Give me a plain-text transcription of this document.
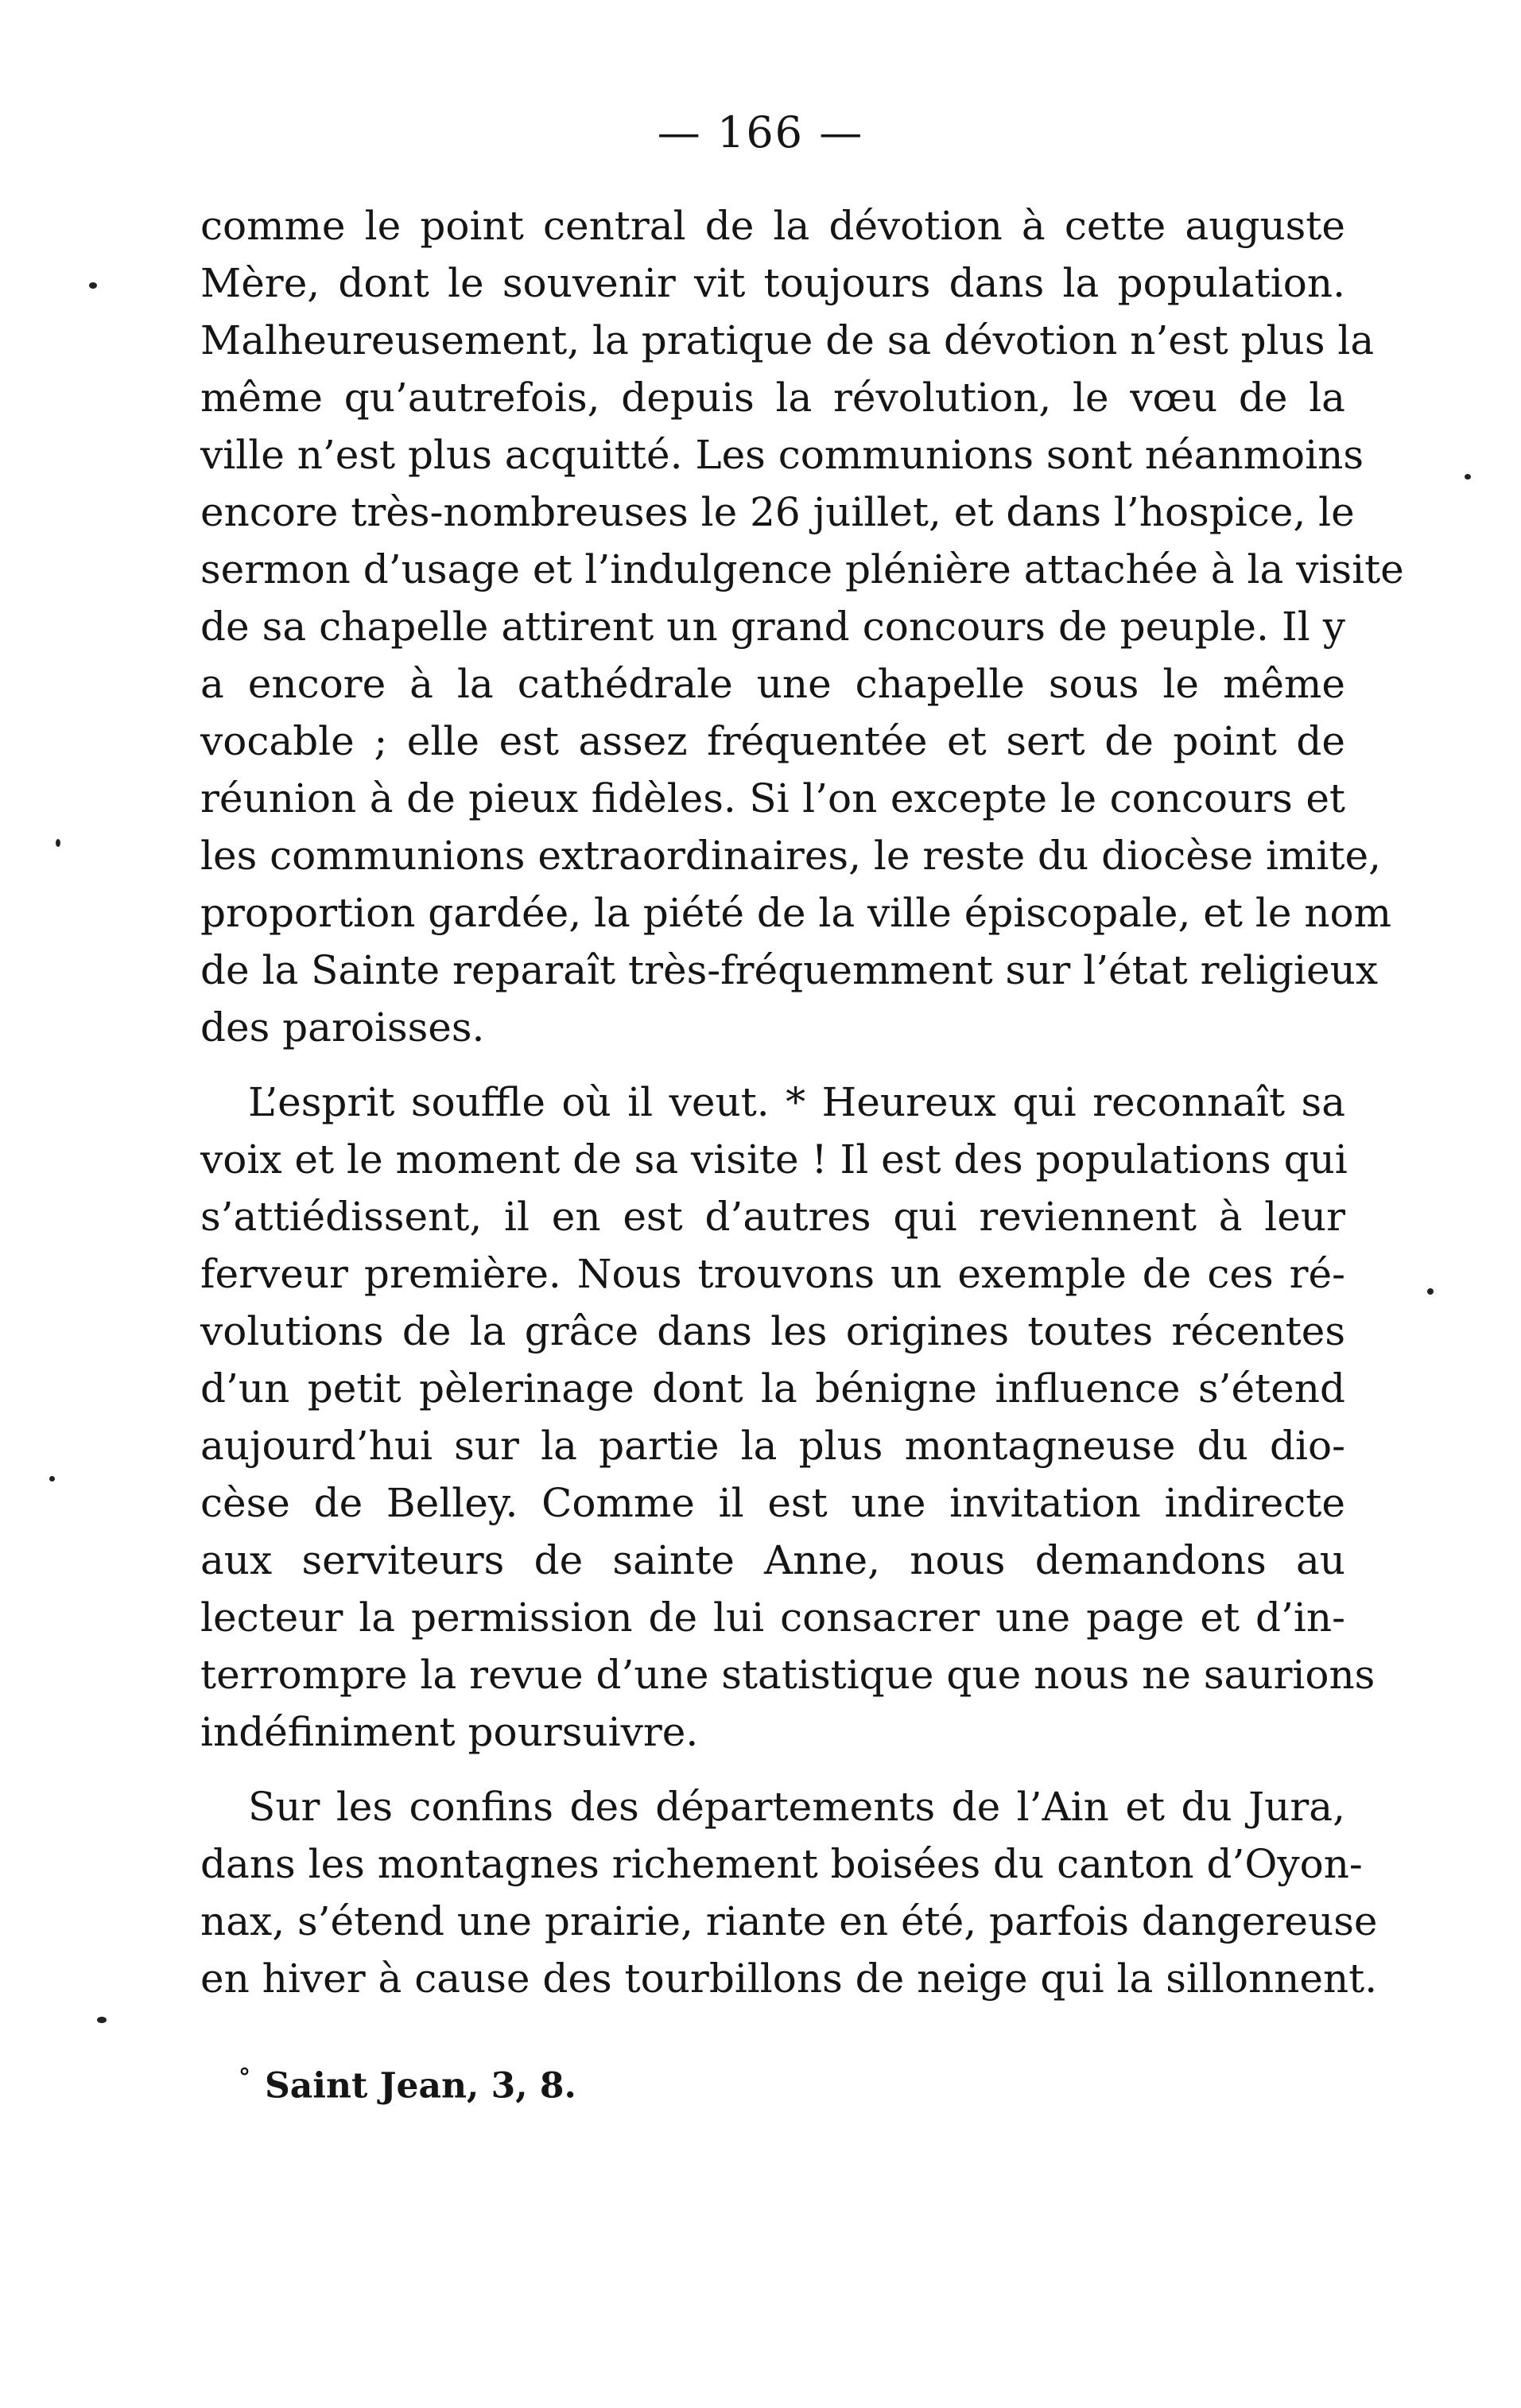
— 166 —
comme le point central de la dévotion à cette auguste
Mère, dont le souvenir vit toujours dans la population.
Malheureusement, la pratique de sa dévotion n’est plus la
même qu’autrefois, depuis la révolution, le vœu de la
ville n’est plus acquitté. Les communions sont néanmoins
encore très-nombreuses le 26 juillet, et dans l’hospice, le
sermon d’usage et l’indulgence plénière attachée à la visite
de sa chapelle attirent un grand concours de peuple. Il y
a encore à la cathédrale une chapelle sous le même
vocable ; elle est assez fréquentée et sert de point de
réunion à de pieux fidèles. Si l’on excepte le concours et
les communions extraordinaires, le reste du diocèse imite,
proportion gardée, la piété de la ville épiscopale, et le nom
de la Sainte reparaît très-fréquemment sur l’état religieux
des paroisses.
L’esprit souffle où il veut. * Heureux qui reconnaît sa
voix et le moment de sa visite ! Il est des populations qui
s’attiédissent, il en est d’autres qui reviennent à leur
ferveur première. Nous trouvons un exemple de ces ré-
volutions de la grâce dans les origines toutes récentes
d’un petit pèlerinage dont la bénigne influence s’étend
aujourd’hui sur la partie la plus montagneuse du dio-
cèse de Belley. Comme il est une invitation indirecte
aux serviteurs de sainte Anne, nous demandons au
lecteur la permission de lui consacrer une page et d’in-
terrompre la revue d’une statistique que nous ne saurions
indéfiniment poursuivre.
Sur les confins des départements de l’Ain et du Jura,
dans les montagnes richement boisées du canton d’Oyon-
nax, s’étend une prairie, riante en été, parfois dangereuse
en hiver à cause des tourbillons de neige qui la sillonnent.
° Saint Jean, 3, 8.
